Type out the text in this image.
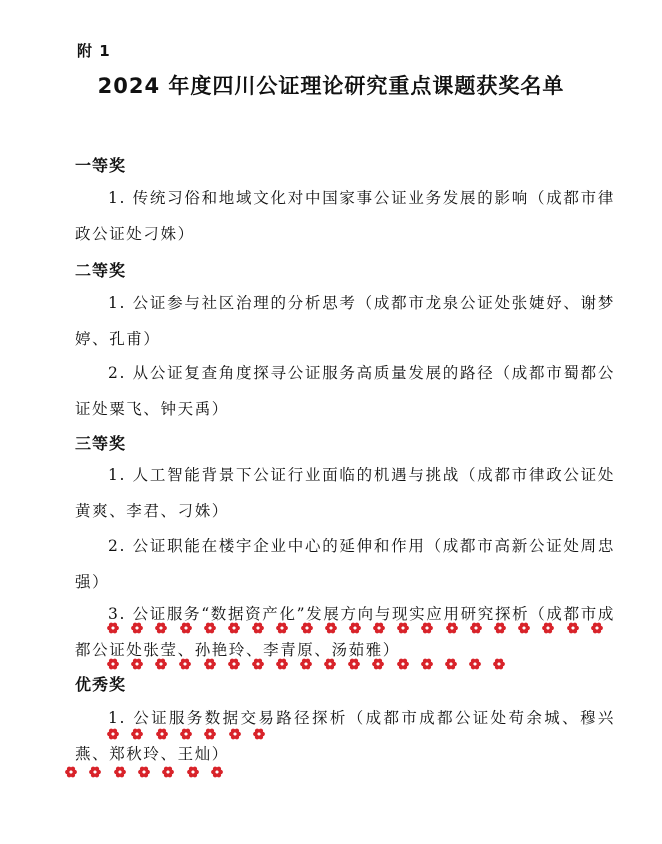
附 1
2024 年度四川公证理论研究重点课题获奖名单
一等奖
1. 传统习俗和地域文化对中国家事公证业务发展的影响（成都市律政公证处刁姝）
二等奖
1. 公证参与社区治理的分析思考（成都市龙泉公证处张婕妤、谢梦婷、孔甫）
2. 从公证复查角度探寻公证服务高质量发展的路径（成都市蜀都公证处粟飞、钟天禹）
三等奖
1. 人工智能背景下公证行业面临的机遇与挑战（成都市律政公证处黄爽、李君、刁姝）
2. 公证职能在楼宇企业中心的延伸和作用（成都市高新公证处周忠强）
3. 公证服务“数据资产化”发展方向与现实应用研究探析（成都市成都公证处张莹、孙艳玲、李青原、汤茹雅）
优秀奖
1. 公证服务数据交易路径探析（成都市成都公证处苟余城、穆兴燕、郑秋玲、王灿）
